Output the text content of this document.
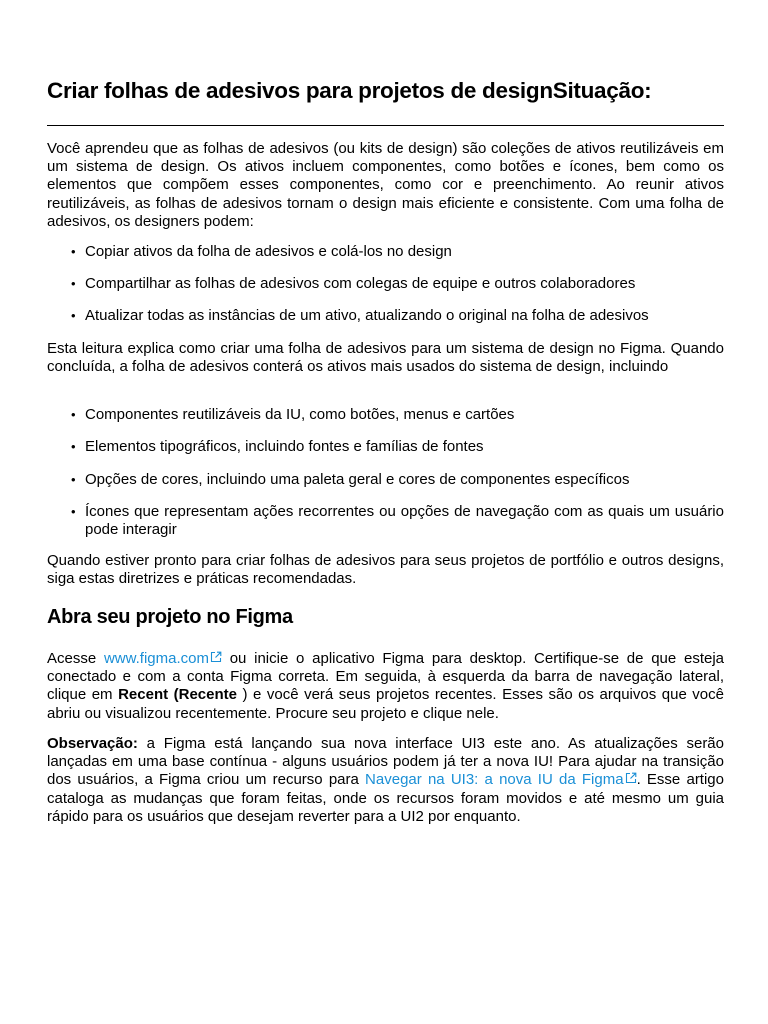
Criar folhas de adesivos para projetos de designSituação:

Você aprendeu que as folhas de adesivos (ou kits de design) são coleções de ativos reutilizáveis em um sistema de design. Os ativos incluem componentes, como botões e ícones, bem como os elementos que compõem esses componentes, como cor e preenchimento. Ao reunir ativos reutilizáveis, as folhas de adesivos tornam o design mais eficiente e consistente. Com uma folha de adesivos, os designers podem:

• Copiar ativos da folha de adesivos e colá-los no design
• Compartilhar as folhas de adesivos com colegas de equipe e outros colaboradores
• Atualizar todas as instâncias de um ativo, atualizando o original na folha de adesivos

Esta leitura explica como criar uma folha de adesivos para um sistema de design no Figma. Quando concluída, a folha de adesivos conterá os ativos mais usados do sistema de design, incluindo

• Componentes reutilizáveis da IU, como botões, menus e cartões
• Elementos tipográficos, incluindo fontes e famílias de fontes
• Opções de cores, incluindo uma paleta geral e cores de componentes específicos
• Ícones que representam ações recorrentes ou opções de navegação com as quais um usuário pode interagir

Quando estiver pronto para criar folhas de adesivos para seus projetos de portfólio e outros designs, siga estas diretrizes e práticas recomendadas.

Abra seu projeto no Figma

Acesse www.figma.com ou inicie o aplicativo Figma para desktop. Certifique-se de que esteja conectado e com a conta Figma correta. Em seguida, à esquerda da barra de navegação lateral, clique em Recent (Recente ) e você verá seus projetos recentes. Esses são os arquivos que você abriu ou visualizou recentemente. Procure seu projeto e clique nele.

Observação: a Figma está lançando sua nova interface UI3 este ano. As atualizações serão lançadas em uma base contínua - alguns usuários podem já ter a nova IU! Para ajudar na transição dos usuários, a Figma criou um recurso para Navegar na UI3: a nova IU da Figma . Esse artigo cataloga as mudanças que foram feitas, onde os recursos foram movidos e até mesmo um guia rápido para os usuários que desejam reverter para a UI2 por enquanto.
